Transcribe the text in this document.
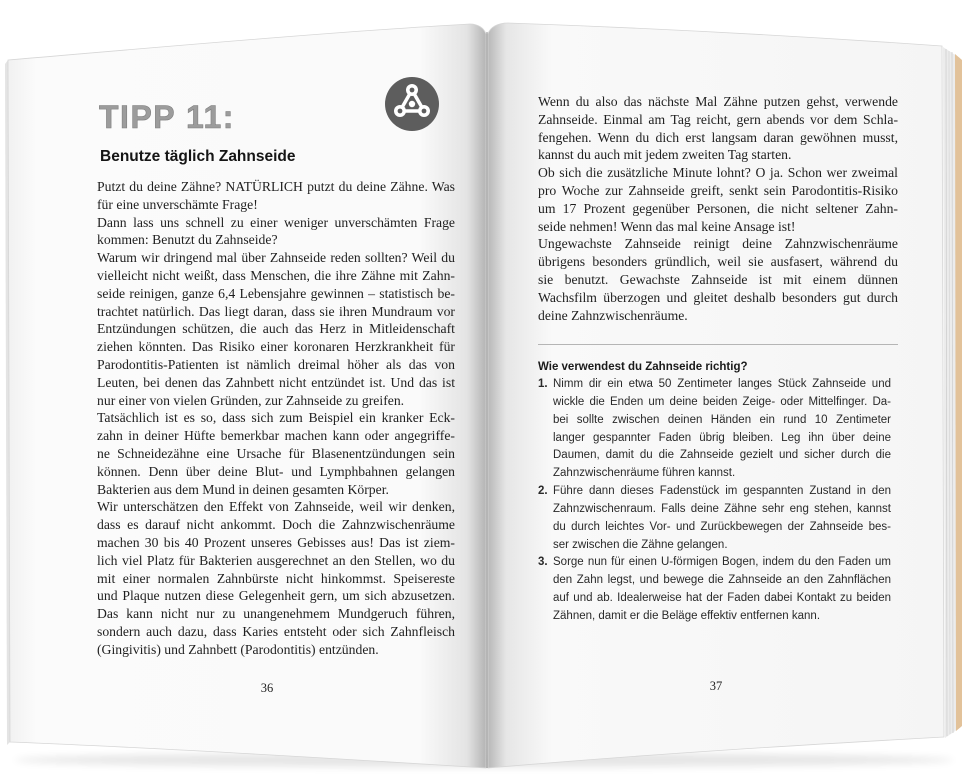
TIPP 11:
Benutze täglich Zahnseide
Putzt du deine Zähne? NATÜRLICH putzt du deine Zähne. Was
für eine unverschämte Frage!
Dann lass uns schnell zu einer weniger unverschämten Frage
kommen: Benutzt du Zahnseide?
Warum wir dringend mal über Zahnseide reden sollten? Weil du
vielleicht nicht weißt, dass Menschen, die ihre Zähne mit Zahn-
seide reinigen, ganze 6,4 Lebensjahre gewinnen – statistisch be-
trachtet natürlich. Das liegt daran, dass sie ihren Mundraum vor
Entzündungen schützen, die auch das Herz in Mitleidenschaft
ziehen könnten. Das Risiko einer koronaren Herzkrankheit für
Parodontitis-Patienten ist nämlich dreimal höher als das von
Leuten, bei denen das Zahnbett nicht entzündet ist. Und das ist
nur einer von vielen Gründen, zur Zahnseide zu greifen.
Tatsächlich ist es so, dass sich zum Beispiel ein kranker Eck-
zahn in deiner Hüfte bemerkbar machen kann oder angegriffe-
ne Schneidezähne eine Ursache für Blasenentzündungen sein
können. Denn über deine Blut- und Lymphbahnen gelangen
Bakterien aus dem Mund in deinen gesamten Körper.
Wir unterschätzen den Effekt von Zahnseide, weil wir denken,
dass es darauf nicht ankommt. Doch die Zahnzwischenräume
machen 30 bis 40 Prozent unseres Gebisses aus! Das ist ziem-
lich viel Platz für Bakterien ausgerechnet an den Stellen, wo du
mit einer normalen Zahnbürste nicht hinkommst. Speisereste
und Plaque nutzen diese Gelegenheit gern, um sich abzusetzen.
Das kann nicht nur zu unangenehmem Mundgeruch führen,
sondern auch dazu, dass Karies entsteht oder sich Zahnfleisch
(Gingivitis) und Zahnbett (Parodontitis) entzünden.
36
Wenn du also das nächste Mal Zähne putzen gehst, verwende
Zahnseide. Einmal am Tag reicht, gern abends vor dem Schla-
fengehen. Wenn du dich erst langsam daran gewöhnen musst,
kannst du auch mit jedem zweiten Tag starten.
Ob sich die zusätzliche Minute lohnt? O ja. Schon wer zweimal
pro Woche zur Zahnseide greift, senkt sein Parodontitis-Risiko
um 17 Prozent gegenüber Personen, die nicht seltener Zahn-
seide nehmen! Wenn das mal keine Ansage ist!
Ungewachste Zahnseide reinigt deine Zahnzwischenräume
übrigens besonders gründlich, weil sie ausfasert, während du
sie benutzt. Gewachste Zahnseide ist mit einem dünnen
Wachsfilm überzogen und gleitet deshalb besonders gut durch
deine Zahnzwischenräume.
Wie verwendest du Zahnseide richtig?
1. Nimm dir ein etwa 50 Zentimeter langes Stück Zahnseide und
wickle die Enden um deine beiden Zeige- oder Mittelfinger. Da-
bei sollte zwischen deinen Händen ein rund 10 Zentimeter
langer gespannter Faden übrig bleiben. Leg ihn über deine
Daumen, damit du die Zahnseide gezielt und sicher durch die
Zahnzwischenräume führen kannst.
2. Führe dann dieses Fadenstück im gespannten Zustand in den
Zahnzwischenraum. Falls deine Zähne sehr eng stehen, kannst
du durch leichtes Vor- und Zurückbewegen der Zahnseide bes-
ser zwischen die Zähne gelangen.
3. Sorge nun für einen U-förmigen Bogen, indem du den Faden um
den Zahn legst, und bewege die Zahnseide an den Zahnflächen
auf und ab. Idealerweise hat der Faden dabei Kontakt zu beiden
Zähnen, damit er die Beläge effektiv entfernen kann.
37
